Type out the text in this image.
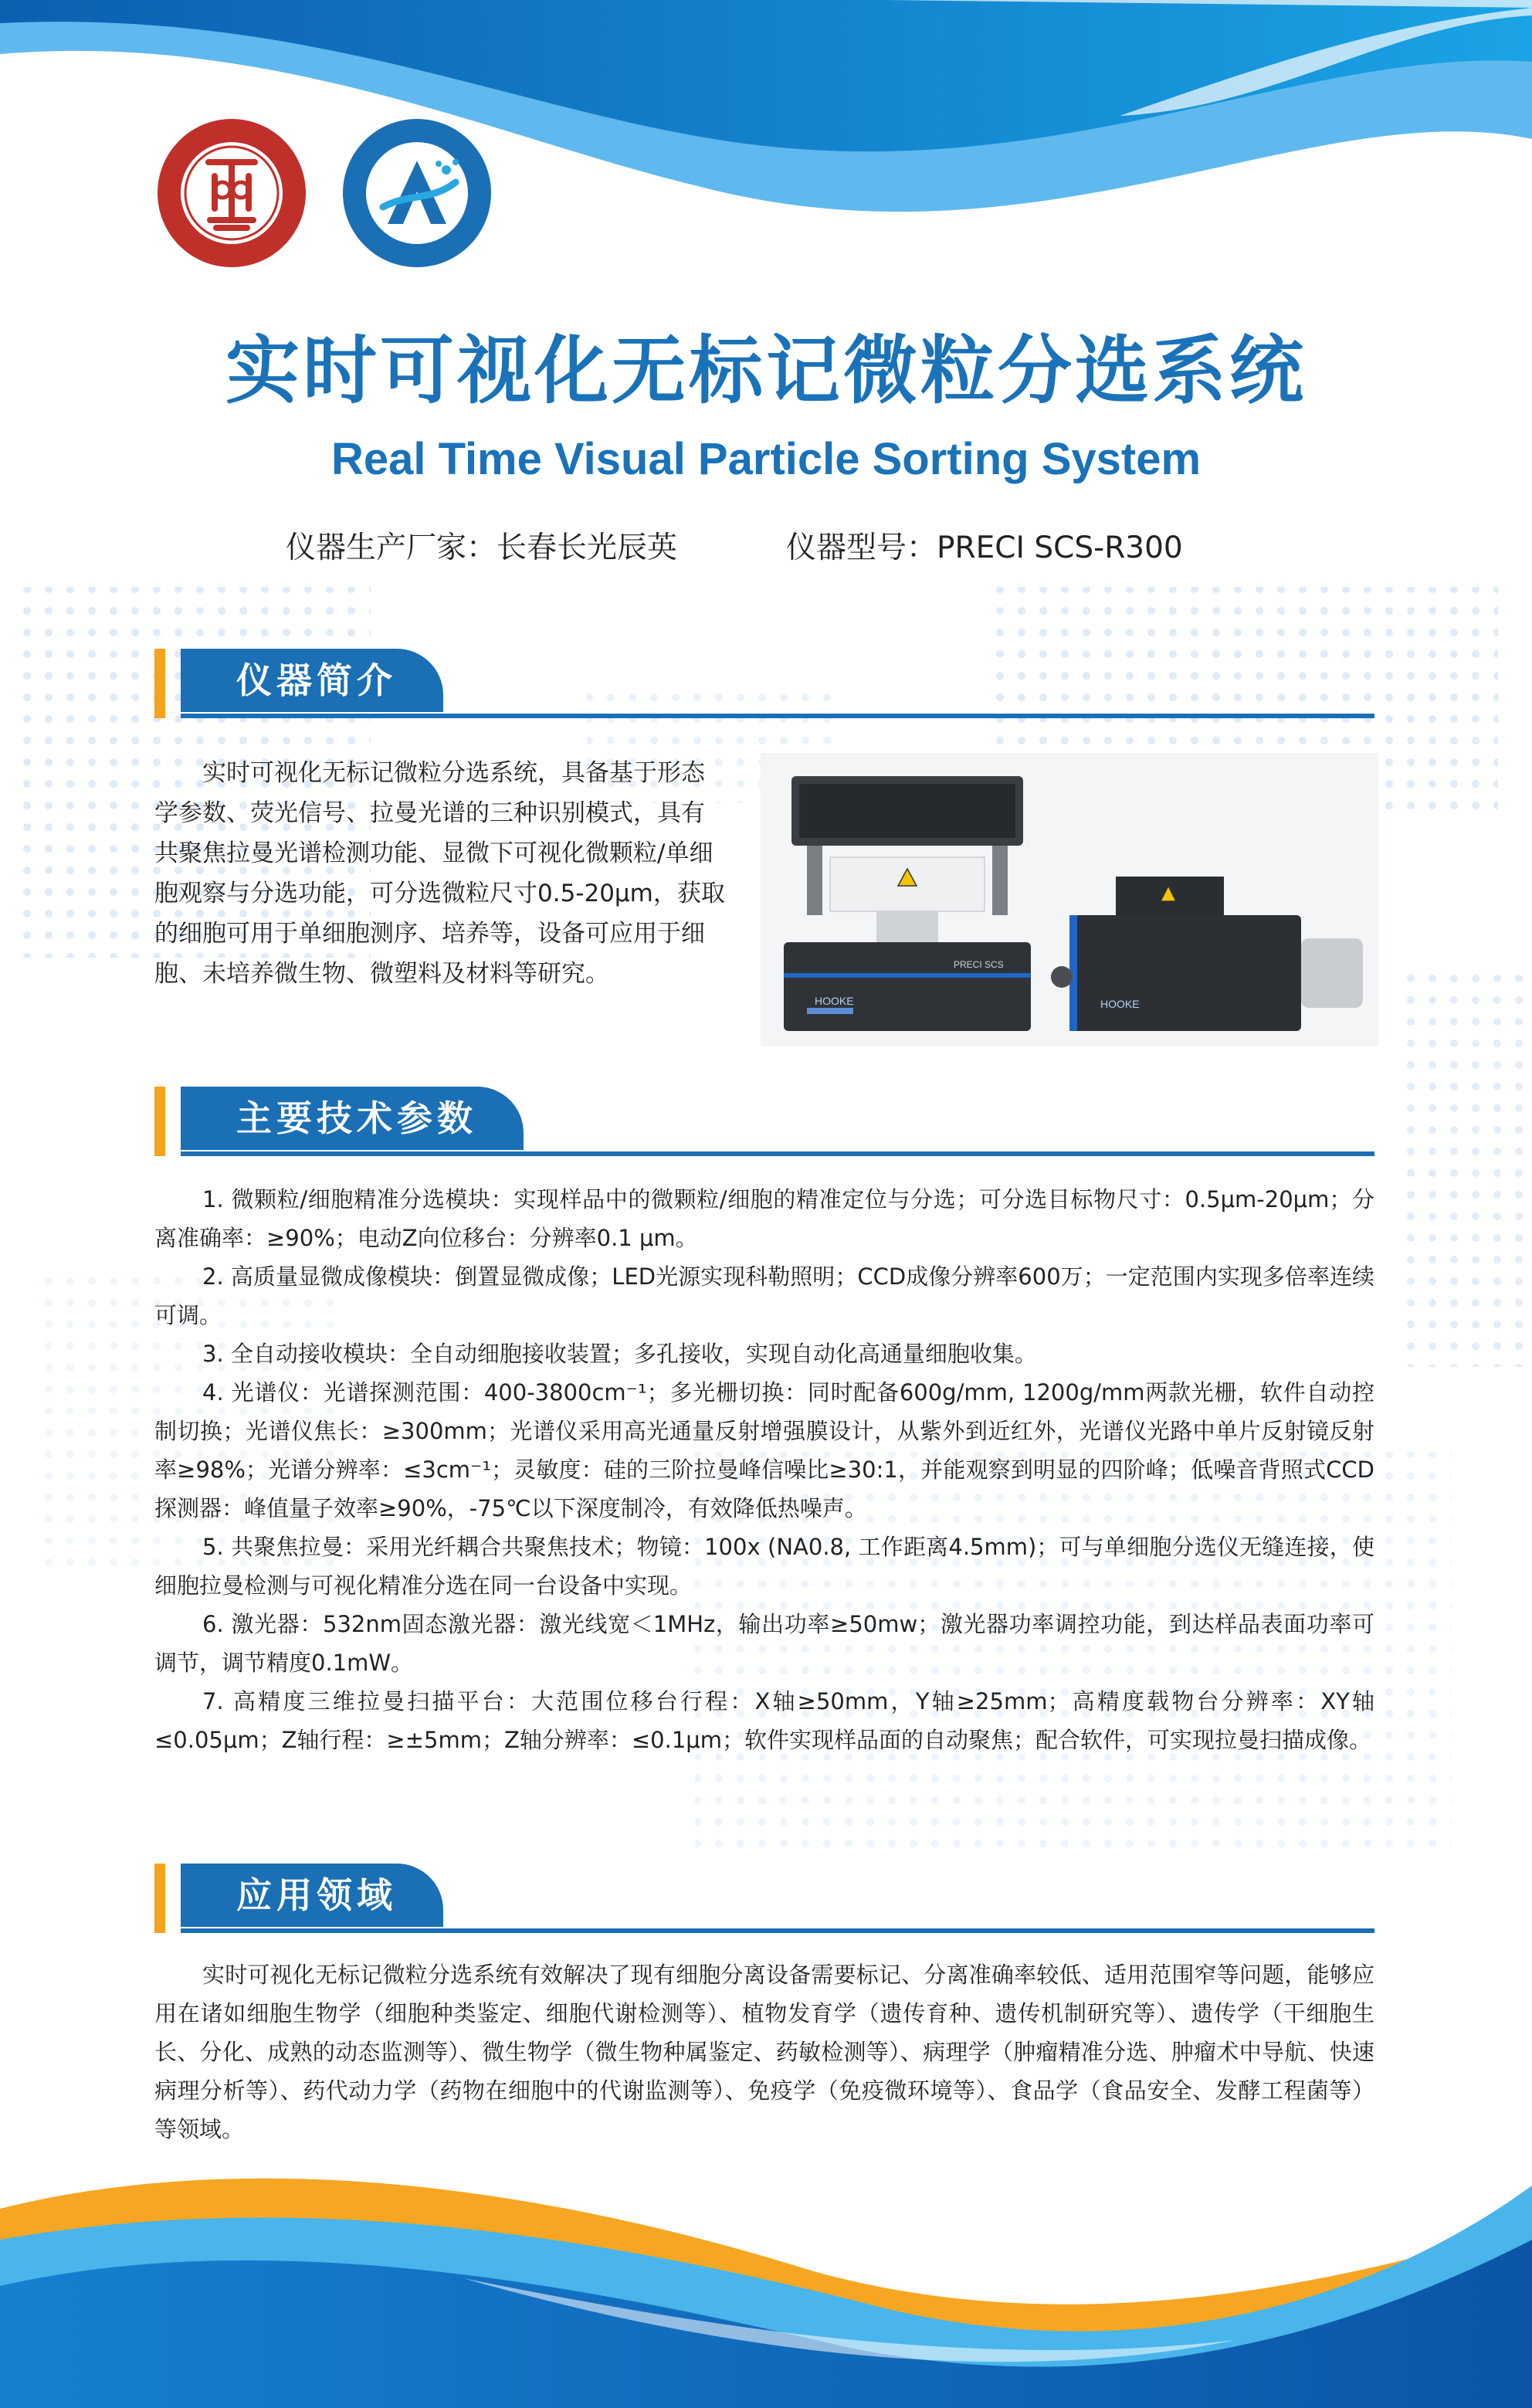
实时可视化无标记微粒分选系统
Real Time Visual Particle Sorting System
仪器生产厂家：长春长光辰英	仪器型号：PRECI SCS-R300
仪器简介

实时可视化无标记微粒分选系统，具备基于形态学参数、荧光信号、拉曼光谱的三种识别模式，具有共聚焦拉曼光谱检测功能、显微下可视化微颗粒/单细胞观察与分选功能，可分选微粒尺寸0.5-20μm，获取的细胞可用于单细胞测序、培养等，设备可应用于细胞、未培养微生物、微塑料及材料等研究。

HOOKE
PRECI SCS
HOOKE
主要技术参数
1. 微颗粒/细胞精准分选模块：实现样品中的微颗粒/细胞的精准定位与分选；可分选目标物尺寸：0.5μm-20μm；分离准确率：≥90%；电动Z向位移台：分辨率0.1 μm。
2. 高质量显微成像模块：倒置显微成像；LED光源实现科勒照明；CCD成像分辨率600万；一定范围内实现多倍率连续可调。
3. 全自动接收模块：全自动细胞接收装置；多孔接收，实现自动化高通量细胞收集。
4. 光谱仪：光谱探测范围：400-3800cm⁻¹；多光栅切换：同时配备600g/mm, 1200g/mm两款光栅，软件自动控制切换；光谱仪焦长：≥300mm；光谱仪采用高光通量反射增强膜设计，从紫外到近红外，光谱仪光路中单片反射镜反射率≥98%；光谱分辨率：≤3cm⁻¹；灵敏度：硅的三阶拉曼峰信噪比≥30:1，并能观察到明显的四阶峰；低噪音背照式CCD探测器：峰值量子效率≥90%，-75℃以下深度制冷，有效降低热噪声。
5. 共聚焦拉曼：采用光纤耦合共聚焦技术；物镜：100x (NA0.8, 工作距离4.5mm)；可与单细胞分选仪无缝连接，使细胞拉曼检测与可视化精准分选在同一台设备中实现。
6. 激光器：532nm固态激光器：激光线宽＜1MHz，输出功率≥50mw；激光器功率调控功能，到达样品表面功率可调节，调节精度0.1mW。
7. 高精度三维拉曼扫描平台：大范围位移台行程：X轴≥50mm，Y轴≥25mm；高精度载物台分辨率：XY轴≤0.05μm；Z轴行程：≥±5mm；Z轴分辨率：≤0.1μm；软件实现样品面的自动聚焦；配合软件，可实现拉曼扫描成像。
应用领域

实时可视化无标记微粒分选系统有效解决了现有细胞分离设备需要标记、分离准确率较低、适用范围窄等问题，能够应用在诸如细胞生物学（细胞种类鉴定、细胞代谢检测等）、植物发育学（遗传育种、遗传机制研究等）、遗传学（干细胞生长、分化、成熟的动态监测等）、微生物学（微生物种属鉴定、药敏检测等）、病理学（肿瘤精准分选、肿瘤术中导航、快速病理分析等）、药代动力学（药物在细胞中的代谢监测等）、免疫学（免疫微环境等）、食品学（食品安全、发酵工程菌等）等领域。
